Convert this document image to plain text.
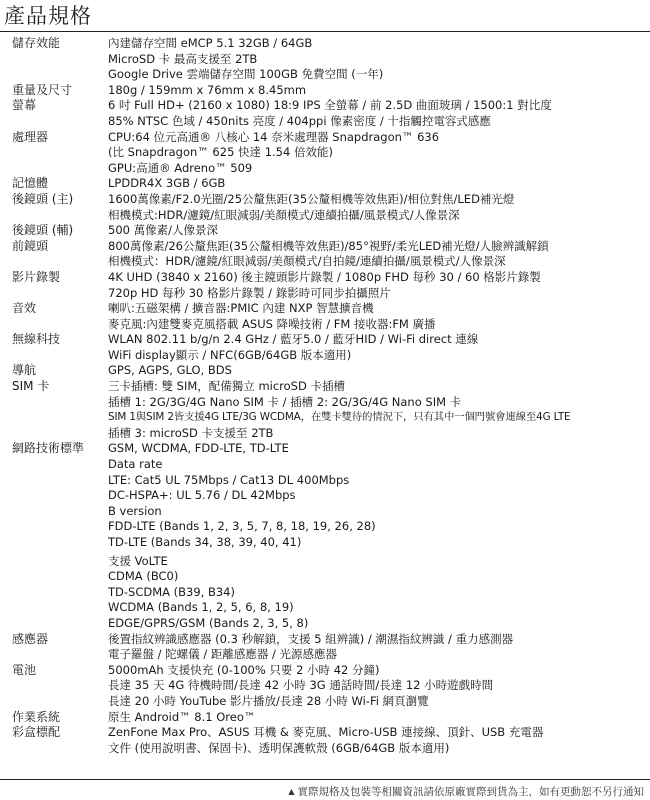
產品規格
儲存效能	內建儲存空間 eMCP 5.1 32GB / 64GB
MicroSD 卡 最高支援至 2TB
Google Drive 雲端儲存空間 100GB 免費空間 (一年)
重量及尺寸	180g / 159mm x 76mm x 8.45mm
螢幕	6 吋 Full HD+ (2160 x 1080) 18:9 IPS 全螢幕 / 前 2.5D 曲面玻璃 / 1500:1 對比度
85% NTSC 色域 / 450nits 亮度 / 404ppi 像素密度 / 十指觸控電容式感應
處理器	CPU:64 位元高通® 八核心 14 奈米處理器 Snapdragon™ 636
(比 Snapdragon™ 625 快達 1.54 倍效能)
GPU:高通® Adreno™ 509
記憶體	LPDDR4X 3GB / 6GB
後鏡頭 (主)	1600萬像素/F2.0光圈/25公釐焦距(35公釐相機等效焦距)/相位對焦/LED補光燈
相機模式:HDR/濾鏡/紅眼減弱/美顏模式/連續拍攝/風景模式/人像景深
後鏡頭 (輔)	500 萬像素/人像景深
前鏡頭	800萬像素/26公釐焦距(35公釐相機等效焦距)/85°視野/柔光LED補光燈/人臉辨識解鎖
相機模式：HDR/濾鏡/紅眼減弱/美顏模式/自拍鏡/連續拍攝/風景模式/人像景深
影片錄製	4K UHD (3840 x 2160) 後主鏡頭影片錄製 / 1080p FHD 每秒 30 / 60 格影片錄製
720p HD 每秒 30 格影片錄製 / 錄影時可同步拍攝照片
音效	喇叭:五磁架構 / 擴音器:PMIC 內建 NXP 智慧擴音機
麥克風:內建雙麥克風搭載 ASUS 降噪技術 / FM 接收器:FM 廣播
無線科技	WLAN 802.11 b/g/n 2.4 GHz / 藍牙5.0 / 藍牙HID / Wi-Fi direct 連線
WiFi display顯示 / NFC(6GB/64GB 版本適用)
導航	GPS, AGPS, GLO, BDS
SIM 卡	三卡插槽: 雙 SIM，配備獨立 microSD 卡插槽
插槽 1: 2G/3G/4G Nano SIM 卡 / 插槽 2: 2G/3G/4G Nano SIM 卡
SIM 1與SIM 2皆支援4G LTE/3G WCDMA，在雙卡雙待的情況下，只有其中一個門號會連線至4G LTE
插槽 3: microSD 卡支援至 2TB
網路技術標準	GSM, WCDMA, FDD-LTE, TD-LTE
Data rate
LTE: Cat5 UL 75Mbps / Cat13 DL 400Mbps
DC-HSPA+: UL 5.76 / DL 42Mbps
B version
FDD-LTE (Bands 1, 2, 3, 5, 7, 8, 18, 19, 26, 28)
TD-LTE (Bands 34, 38, 39, 40, 41)
支援 VoLTE
CDMA (BC0)
TD-SCDMA (B39, B34)
WCDMA (Bands 1, 2, 5, 6, 8, 19)
EDGE/GPRS/GSM (Bands 2, 3, 5, 8)
感應器	後置指紋辨識感應器 (0.3 秒解鎖，支援 5 組辨識) / 潮濕指紋辨識 / 重力感測器
電子羅盤 / 陀螺儀 / 距離感應器 / 光源感應器
電池	5000mAh 支援快充 (0-100% 只要 2 小時 42 分鐘)
長達 35 天 4G 待機時間/長達 42 小時 3G 通話時間/長達 12 小時遊戲時間
長達 20 小時 YouTube 影片播放/長達 28 小時 Wi-Fi 網頁瀏覽
作業系統	原生 Android™ 8.1 Oreo™
彩盒標配	ZenFone Max Pro、ASUS 耳機 & 麥克風、Micro-USB 連接線、頂針、USB 充電器
文件 (使用說明書、保固卡)、透明保護軟殼 (6GB/64GB 版本適用)
▲ 實際規格及包裝等相關資訊請依原廠實際到貨為主，如有更動恕不另行通知
